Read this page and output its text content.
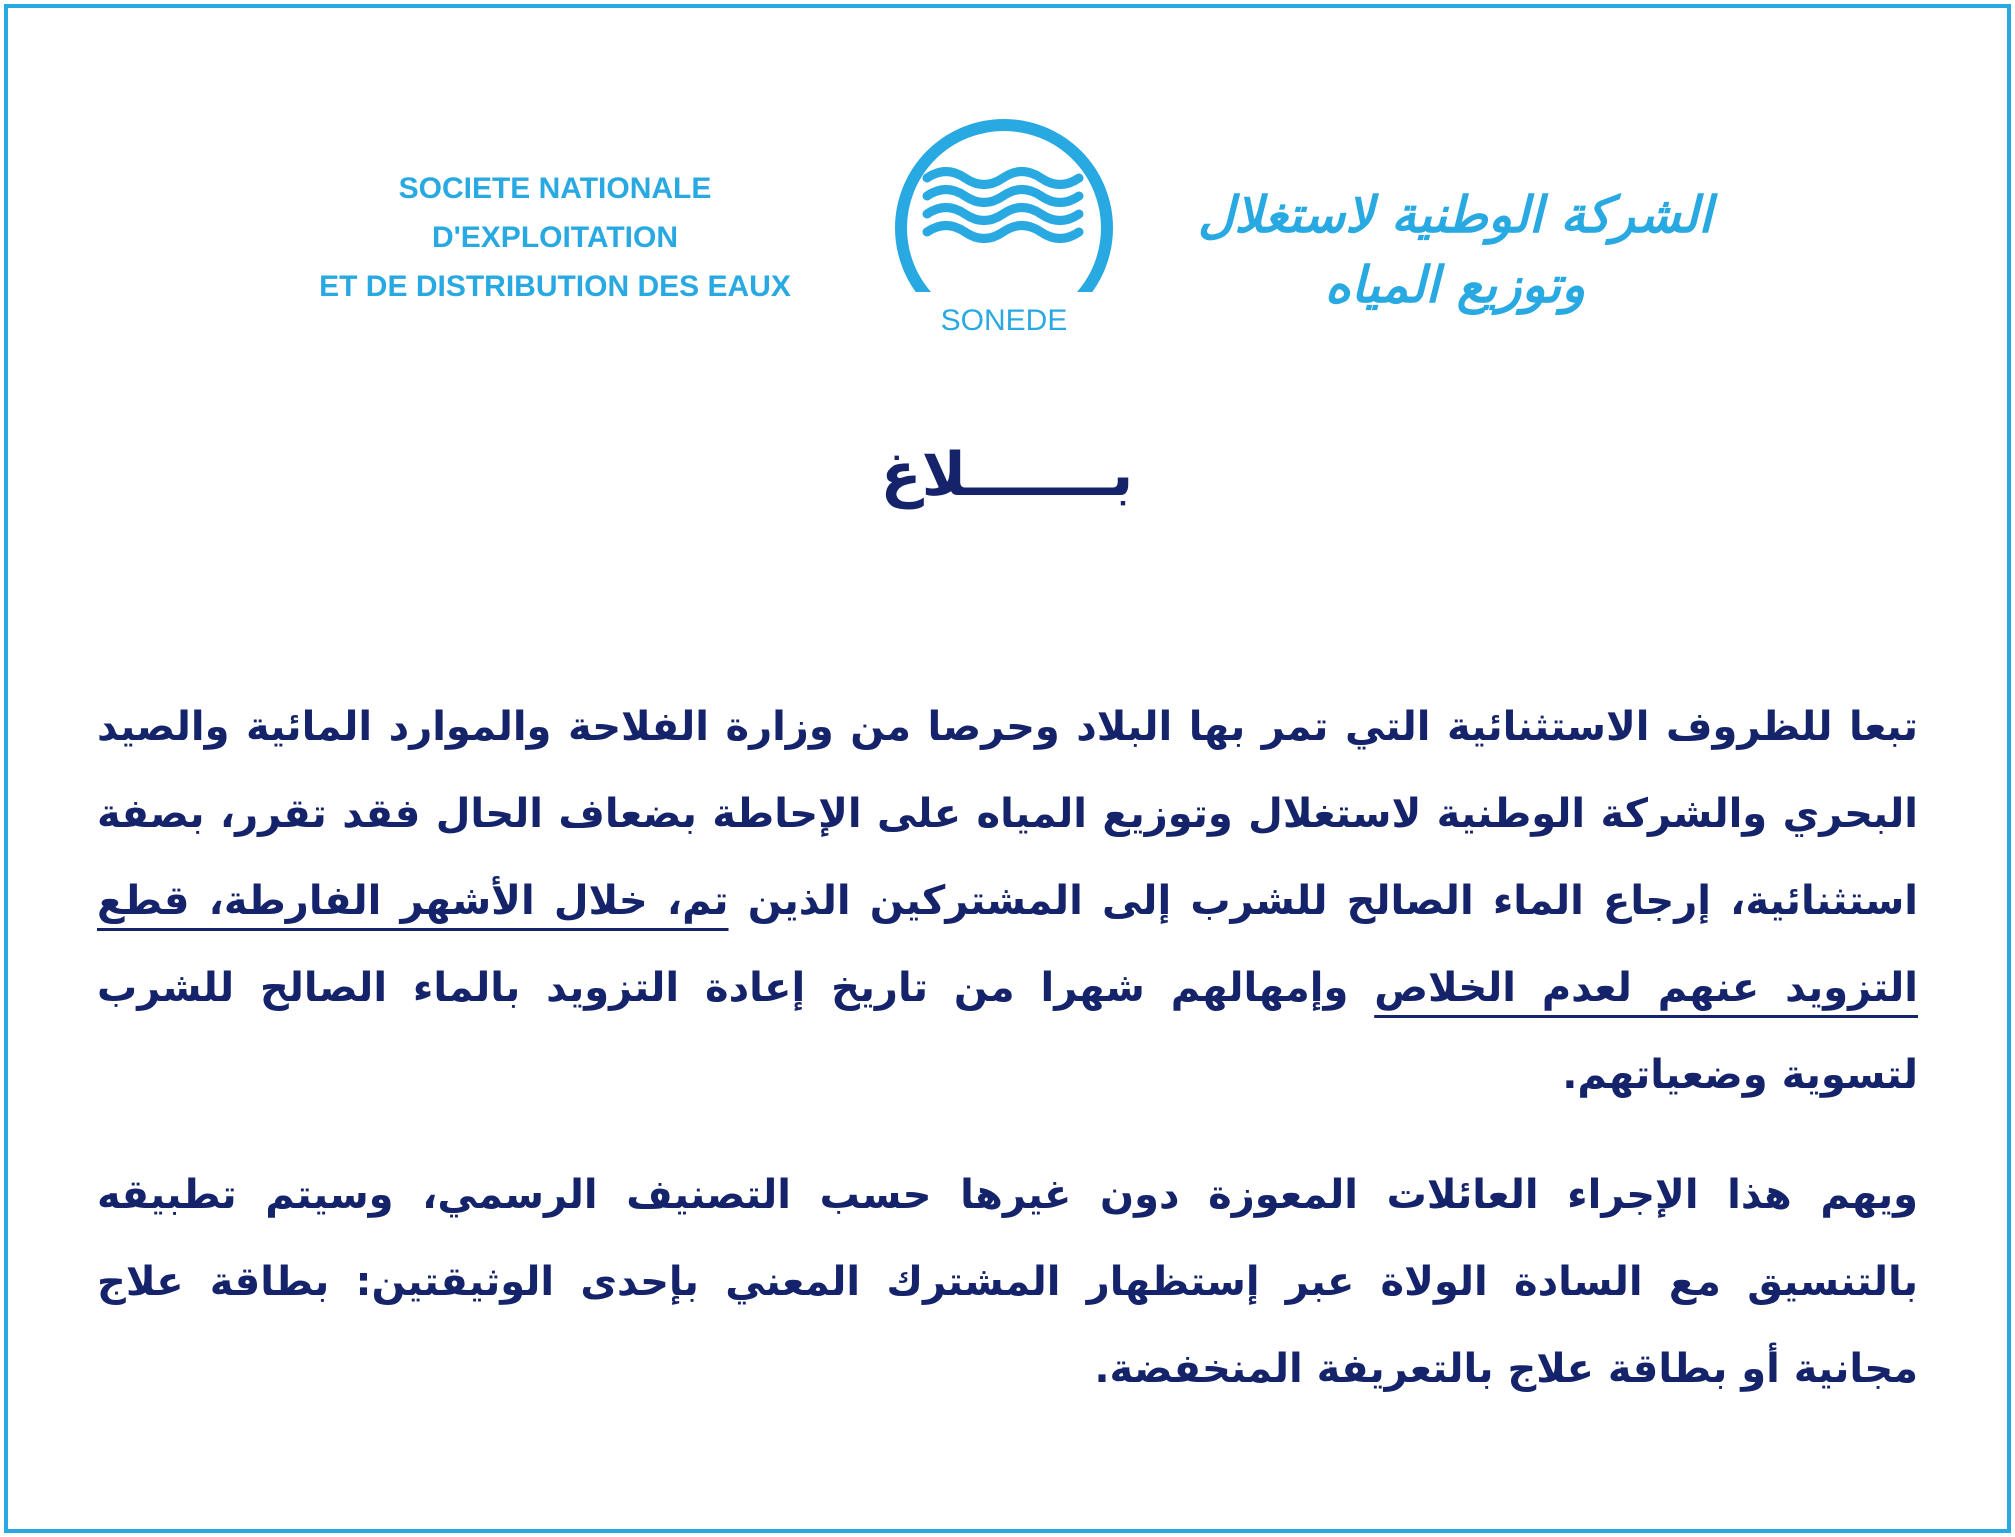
SOCIETE NATIONALE D'EXPLOITATION
ET DE DISTRIBUTION DES EAUX
SONEDE
الشركة الوطنية لاستغلال وتوزيع المياه
بـــــــلاغ
تبعا للظروف الاستثنائية التي تمر بها البلاد وحرصا من وزارة الفلاحة والموارد المائية والصيد البحري والشركة الوطنية لاستغلال وتوزيع المياه على الإحاطة بضعاف الحال فقد تقرر، بصفة استثنائية، إرجاع الماء الصالح للشرب إلى المشتركين الذين تم، خلال الأشهر الفارطة، قطع التزويد عنهم لعدم الخلاص وإمهالهم شهرا من تاريخ إعادة التزويد بالماء الصالح للشرب لتسوية وضعياتهم.
ويهم هذا الإجراء العائلات المعوزة دون غيرها حسب التصنيف الرسمي، وسيتم تطبيقه بالتنسيق مع السادة الولاة عبر إستظهار المشترك المعني بإحدى الوثيقتين: بطاقة علاج مجانية أو بطاقة علاج بالتعريفة المنخفضة.
